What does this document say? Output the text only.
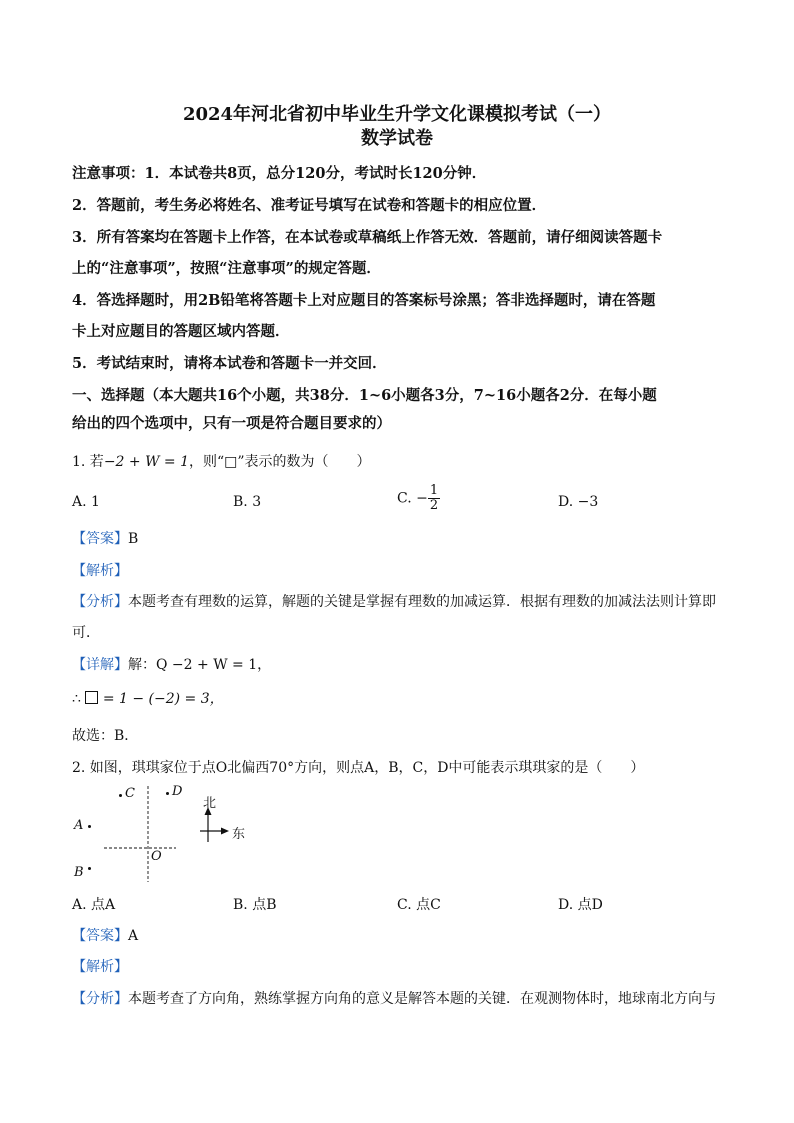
2024年河北省初中毕业生升学文化课模拟考试（一）
数学试卷
注意事项：1．本试卷共8页，总分120分，考试时长120分钟．
2．答题前，考生务必将姓名、准考证号填写在试卷和答题卡的相应位置．
3．所有答案均在答题卡上作答，在本试卷或草稿纸上作答无效．答题前，请仔细阅读答题卡
上的“注意事项”，按照“注意事项”的规定答题．
4．答选择题时，用2B铅笔将答题卡上对应题目的答案标号涂黑；答非选择题时，请在答题
卡上对应题目的答题区域内答题．
5．考试结束时，请将本试卷和答题卡一并交回．
一、选择题（本大题共16个小题，共38分．1~6小题各3分，7~16小题各2分．在每小题
给出的四个选项中，只有一项是符合题目要求的）
1. 若−2 + W = 1，则“□”表示的数为（　　）
A. 1	B. 3	C. − $\frac{1}{2}$	D. −3
【答案】B
【解析】
【分析】本题考查有理数的运算，解题的关键是掌握有理数的加减运算．根据有理数的加减法法则计算即
可．
【详解】解：Q −2 + W = 1，
∴  = 1 − (−2) = 3，
故选：B．
2. 如图，琪琪家位于点O北偏西70°方向，则点A，B，C，D中可能表示琪琪家的是（　　）
C	D
A
B
O
北
东
A. 点A	B. 点B	C. 点C	D. 点D
【答案】A
【解析】
【分析】本题考查了方向角，熟练掌握方向角的意义是解答本题的关键．在观测物体时，地球南北方向与
